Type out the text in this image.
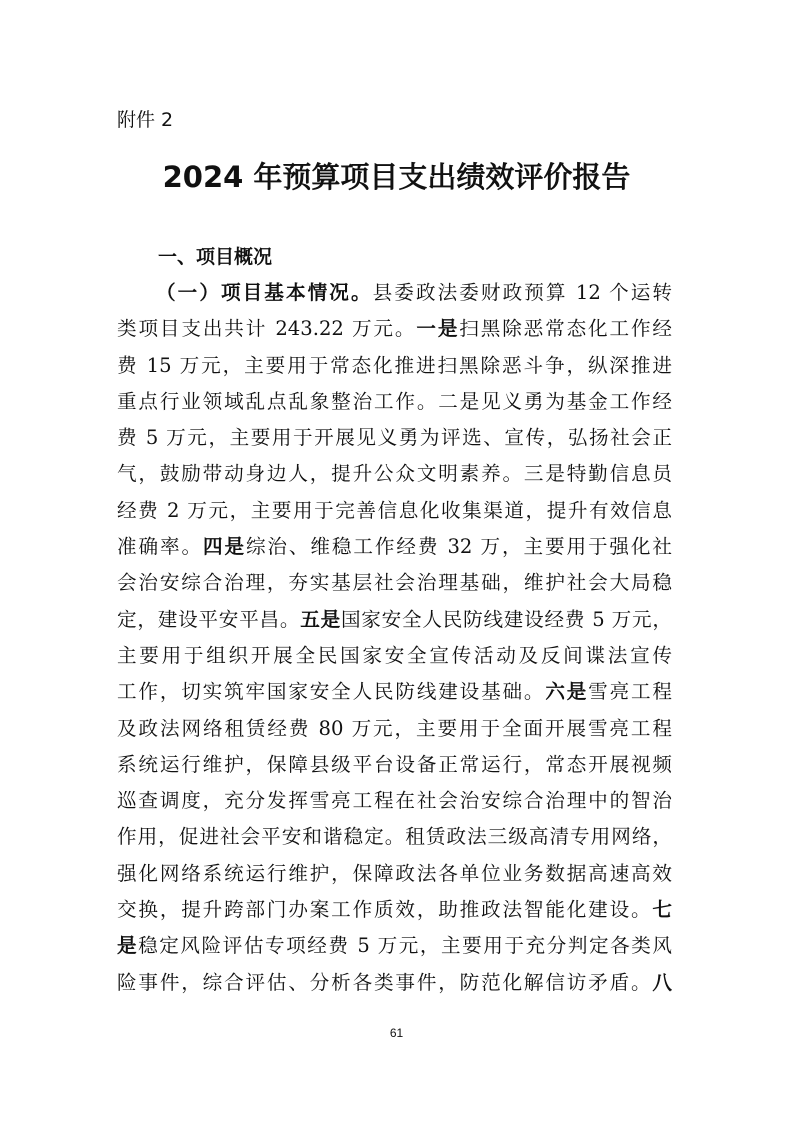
附件 2
2024 年预算项目支出绩效评价报告
一、项目概况
（一）项目基本情况。县委政法委财政预算 12 个运转
类项目支出共计 243.22 万元。一是扫黑除恶常态化工作经
费 15 万元，主要用于常态化推进扫黑除恶斗争，纵深推进
重点行业领域乱点乱象整治工作。二是见义勇为基金工作经
费 5 万元，主要用于开展见义勇为评选、宣传，弘扬社会正
气，鼓励带动身边人，提升公众文明素养。三是特勤信息员
经费 2 万元，主要用于完善信息化收集渠道，提升有效信息
准确率。四是综治、维稳工作经费 32 万，主要用于强化社
会治安综合治理，夯实基层社会治理基础，维护社会大局稳
定，建设平安平昌。五是国家安全人民防线建设经费 5 万元，
主要用于组织开展全民国家安全宣传活动及反间谍法宣传
工作，切实筑牢国家安全人民防线建设基础。六是雪亮工程
及政法网络租赁经费 80 万元，主要用于全面开展雪亮工程
系统运行维护，保障县级平台设备正常运行，常态开展视频
巡查调度，充分发挥雪亮工程在社会治安综合治理中的智治
作用，促进社会平安和谐稳定。租赁政法三级高清专用网络，
强化网络系统运行维护，保障政法各单位业务数据高速高效
交换，提升跨部门办案工作质效，助推政法智能化建设。七
是稳定风险评估专项经费 5 万元，主要用于充分判定各类风
险事件，综合评估、分析各类事件，防范化解信访矛盾。八
61
